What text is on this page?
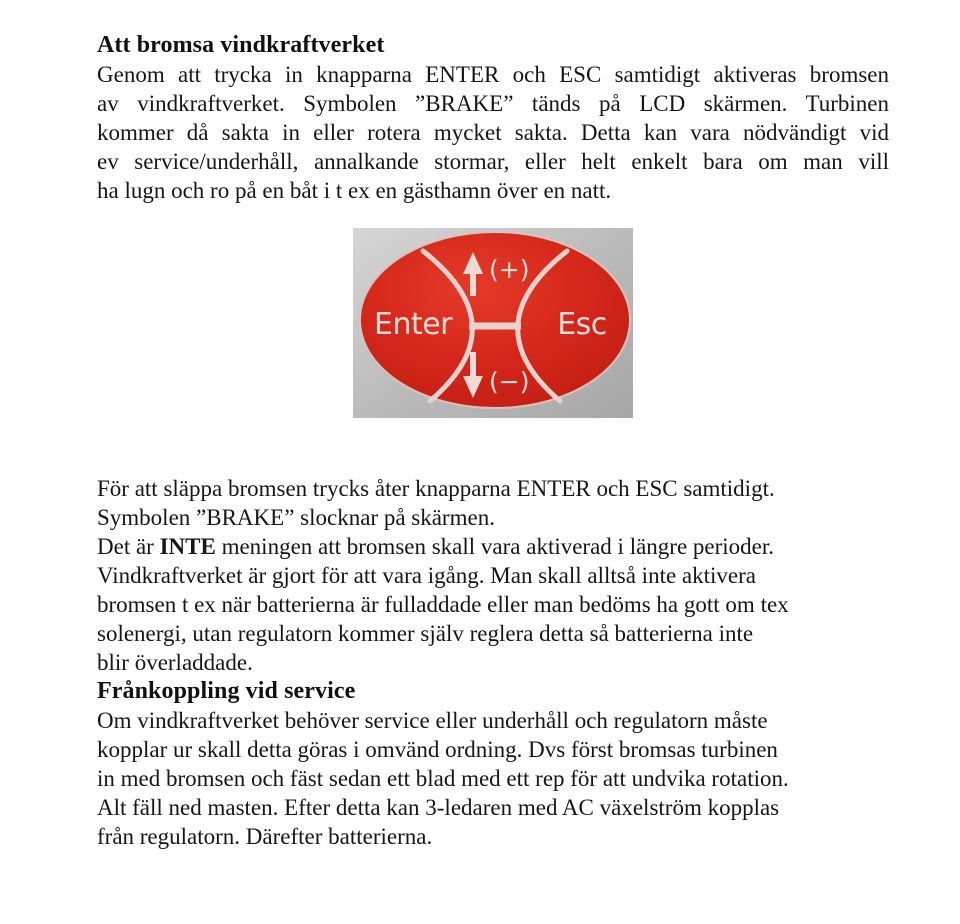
Att bromsa vindkraftverket
Genom att trycka in knapparna ENTER och ESC samtidigt aktiveras bromsen
av vindkraftverket. Symbolen ”BRAKE” tänds på LCD skärmen. Turbinen
kommer då sakta in eller rotera mycket sakta. Detta kan vara nödvändigt vid
ev service/underhåll, annalkande stormar, eller helt enkelt bara om man vill
ha lugn och ro på en båt i t ex en gästhamn över en natt.
(+)
(−)
Enter	Esc
För att släppa bromsen trycks åter knapparna ENTER och ESC samtidigt.
Symbolen ”BRAKE” slocknar på skärmen.
Det är INTE meningen att bromsen skall vara aktiverad i längre perioder.
Vindkraftverket är gjort för att vara igång. Man skall alltså inte aktivera
bromsen t ex när batterierna är fulladdade eller man bedöms ha gott om tex
solenergi, utan regulatorn kommer själv reglera detta så batterierna inte
blir överladdade.
Frånkoppling vid service
Om vindkraftverket behöver service eller underhåll och regulatorn måste
kopplar ur skall detta göras i omvänd ordning. Dvs först bromsas turbinen
in med bromsen och fäst sedan ett blad med ett rep för att undvika rotation.
Alt fäll ned masten. Efter detta kan 3-ledaren med AC växelström kopplas
från regulatorn. Därefter batterierna.
